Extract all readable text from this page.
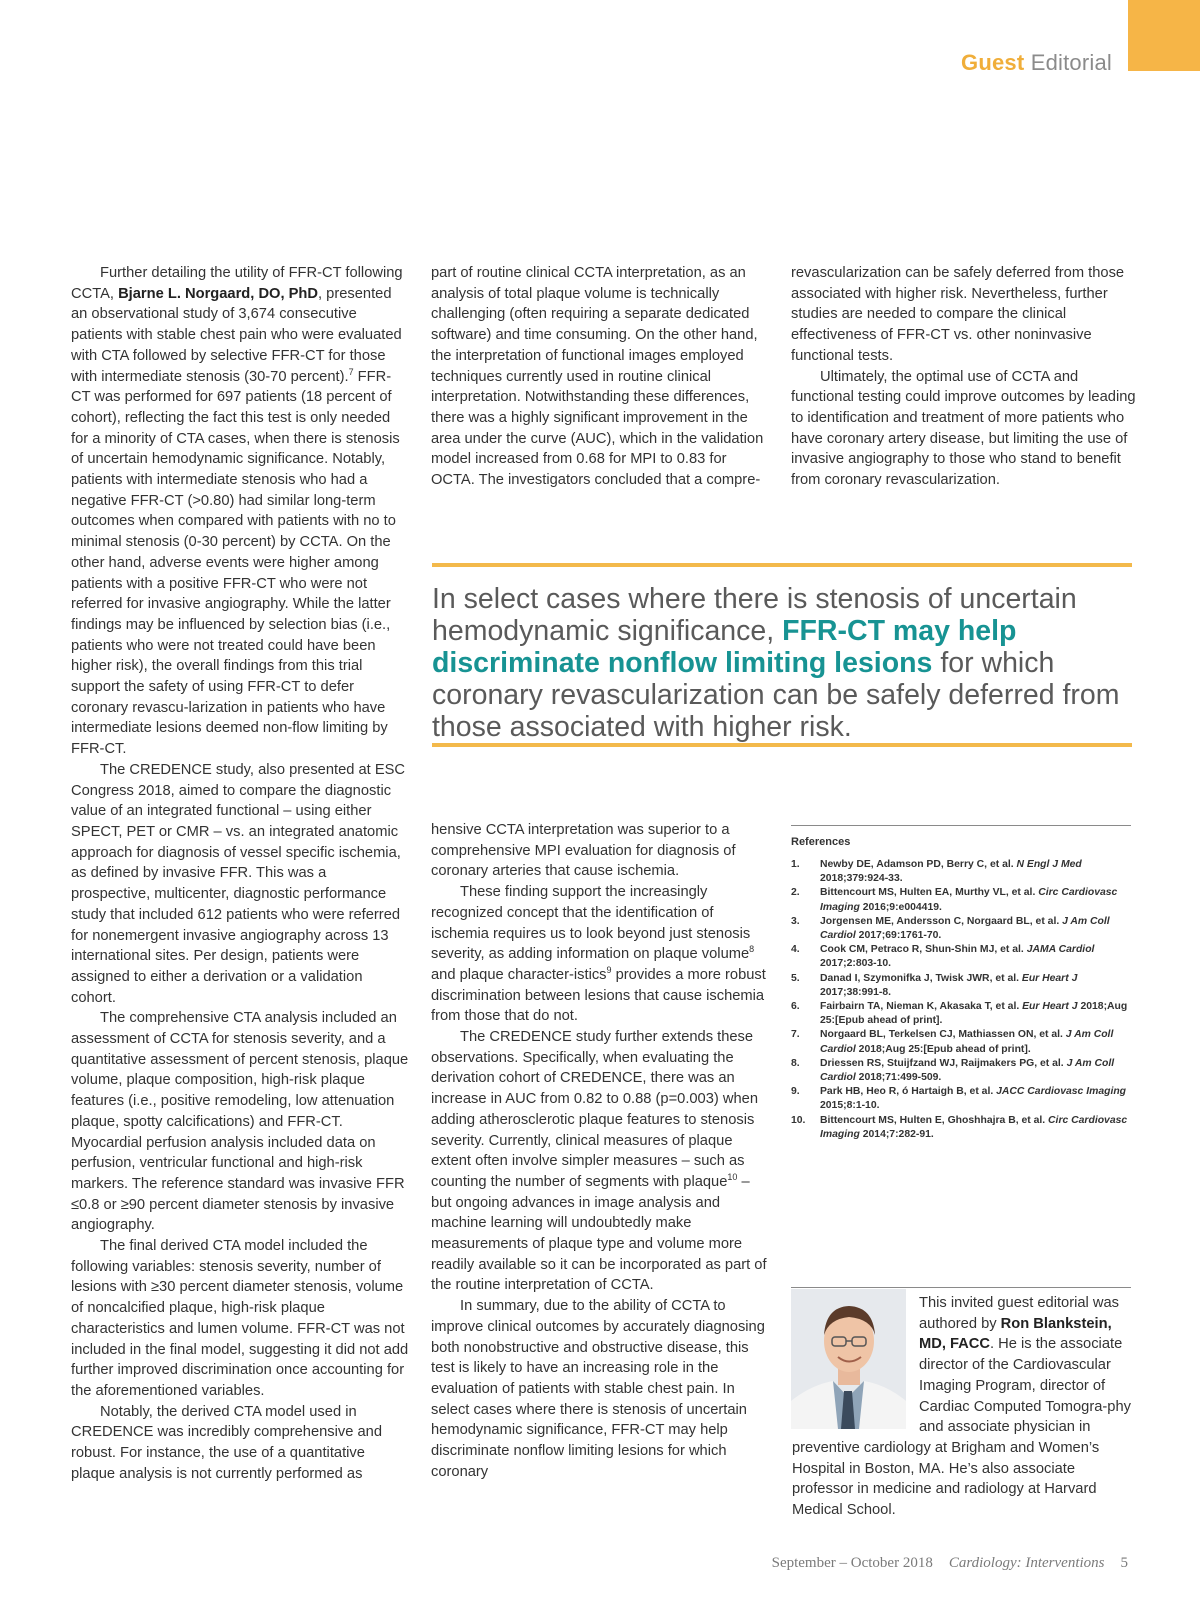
Guest Editorial

Further detailing the utility of FFR-CT following CCTA, Bjarne L. Norgaard, DO, PhD, presented an observational study of 3,674 consecutive patients with stable chest pain who were evaluated with CTA followed by selective FFR-CT for those with intermediate stenosis (30-70 percent).$^7$ FFR-CT was performed for 697 patients (18 percent of cohort), reflecting the fact this test is only needed for a minority of CTA cases, when there is stenosis of uncertain hemodynamic significance. Notably, patients with intermediate stenosis who had a negative FFR-CT (>0.80) had similar long-term outcomes when compared with patients with no to minimal stenosis (0-30 percent) by CCTA. On the other hand, adverse events were higher among patients with a positive FFR-CT who were not referred for invasive angiography. While the latter findings may be influenced by selection bias (i.e., patients who were not treated could have been higher risk), the overall findings from this trial support the safety of using FFR-CT to defer coronary revascu-larization in patients who have intermediate lesions deemed non-flow limiting by FFR-CT.

The CREDENCE study, also presented at ESC Congress 2018, aimed to compare the diagnostic value of an integrated functional – using either SPECT, PET or CMR – vs. an integrated anatomic approach for diagnosis of vessel specific ischemia, as defined by invasive FFR. This was a prospective, multicenter, diagnostic performance study that included 612 patients who were referred for nonemergent invasive angiography across 13 international sites. Per design, patients were assigned to either a derivation or a validation cohort.

The comprehensive CTA analysis included an assessment of CCTA for stenosis severity, and a quantitative assessment of percent stenosis, plaque volume, plaque composition, high-risk plaque features (i.e., positive remodeling, low attenuation plaque, spotty calcifications) and FFR-CT. Myocardial perfusion analysis included data on perfusion, ventricular functional and high-risk markers. The reference standard was invasive FFR ≤0.8 or ≥90 percent diameter stenosis by invasive angiography.

The final derived CTA model included the following variables: stenosis severity, number of lesions with ≥30 percent diameter stenosis, volume of noncalcified plaque, high-risk plaque characteristics and lumen volume. FFR-CT was not included in the final model, suggesting it did not add further improved discrimination once accounting for the aforementioned variables.

Notably, the derived CTA model used in CREDENCE was incredibly comprehensive and robust. For instance, the use of a quantitative plaque analysis is not currently performed as

part of routine clinical CCTA interpretation, as an analysis of total plaque volume is technically challenging (often requiring a separate dedicated software) and time consuming. On the other hand, the interpretation of functional images employed techniques currently used in routine clinical interpretation. Notwithstanding these differences, there was a highly significant improvement in the area under the curve (AUC), which in the validation model increased from 0.68 for MPI to 0.83 for OCTA. The investigators concluded that a compre-

revascularization can be safely deferred from those associated with higher risk. Nevertheless, further studies are needed to compare the clinical effectiveness of FFR-CT vs. other noninvasive functional tests.

Ultimately, the optimal use of CCTA and functional testing could improve outcomes by leading to identification and treatment of more patients who have coronary artery disease, but limiting the use of invasive angiography to those who stand to benefit from coronary revascularization.

In select cases where there is stenosis of uncertain
hemodynamic significance, FFR-CT may help
discriminate nonflow limiting lesions for which
coronary revascularization can be safely deferred from
those associated with higher risk.

hensive CCTA interpretation was superior to a comprehensive MPI evaluation for diagnosis of coronary arteries that cause ischemia.

These finding support the increasingly recognized concept that the identification of ischemia requires us to look beyond just stenosis severity, as adding information on plaque volume$^8$ and plaque character-istics$^9$ provides a more robust discrimination between lesions that cause ischemia from those that do not.

The CREDENCE study further extends these observations. Specifically, when evaluating the derivation cohort of CREDENCE, there was an increase in AUC from 0.82 to 0.88 (p=0.003) when adding atherosclerotic plaque features to stenosis severity. Currently, clinical measures of plaque extent often involve simpler measures – such as counting the number of segments with plaque$^{10}$ – but ongoing advances in image analysis and machine learning will undoubtedly make measurements of plaque type and volume more readily available so it can be incorporated as part of the routine interpretation of CCTA.

In summary, due to the ability of CCTA to improve clinical outcomes by accurately diagnosing both nonobstructive and obstructive disease, this test is likely to have an increasing role in the evaluation of patients with stable chest pain. In select cases where there is stenosis of uncertain hemodynamic significance, FFR-CT may help discriminate nonflow limiting lesions for which coronary

References
1. Newby DE, Adamson PD, Berry C, et al. N Engl J Med 2018;379:924-33.
2. Bittencourt MS, Hulten EA, Murthy VL, et al. Circ Cardiovasc Imaging 2016;9:e004419.
3. Jorgensen ME, Andersson C, Norgaard BL, et al. J Am Coll Cardiol 2017;69:1761-70.
4. Cook CM, Petraco R, Shun-Shin MJ, et al. JAMA Cardiol 2017;2:803-10.
5. Danad I, Szymonifka J, Twisk JWR, et al. Eur Heart J 2017;38:991-8.
6. Fairbairn TA, Nieman K, Akasaka T, et al. Eur Heart J 2018;Aug 25:[Epub ahead of print].
7. Norgaard BL, Terkelsen CJ, Mathiassen ON, et al. J Am Coll Cardiol 2018;Aug 25:[Epub ahead of print].
8. Driessen RS, Stuijfzand WJ, Raijmakers PG, et al. J Am Coll Cardiol 2018;71:499-509.
9. Park HB, Heo R, ó Hartaigh B, et al. JACC Cardiovasc Imaging 2015;8:1-10.
10. Bittencourt MS, Hulten E, Ghoshhajra B, et al. Circ Cardiovasc Imaging 2014;7:282-91.
This invited guest editorial was authored by Ron Blankstein, MD, FACC. He is the associate director of the Cardiovascular Imaging Program, director of Cardiac Computed Tomogra-phy and associate physician in preventive cardiology at Brigham and Women’s Hospital in Boston, MA. He’s also associate professor in medicine and radiology at Harvard Medical School.
September – October 2018 Cardiology: Interventions 5
